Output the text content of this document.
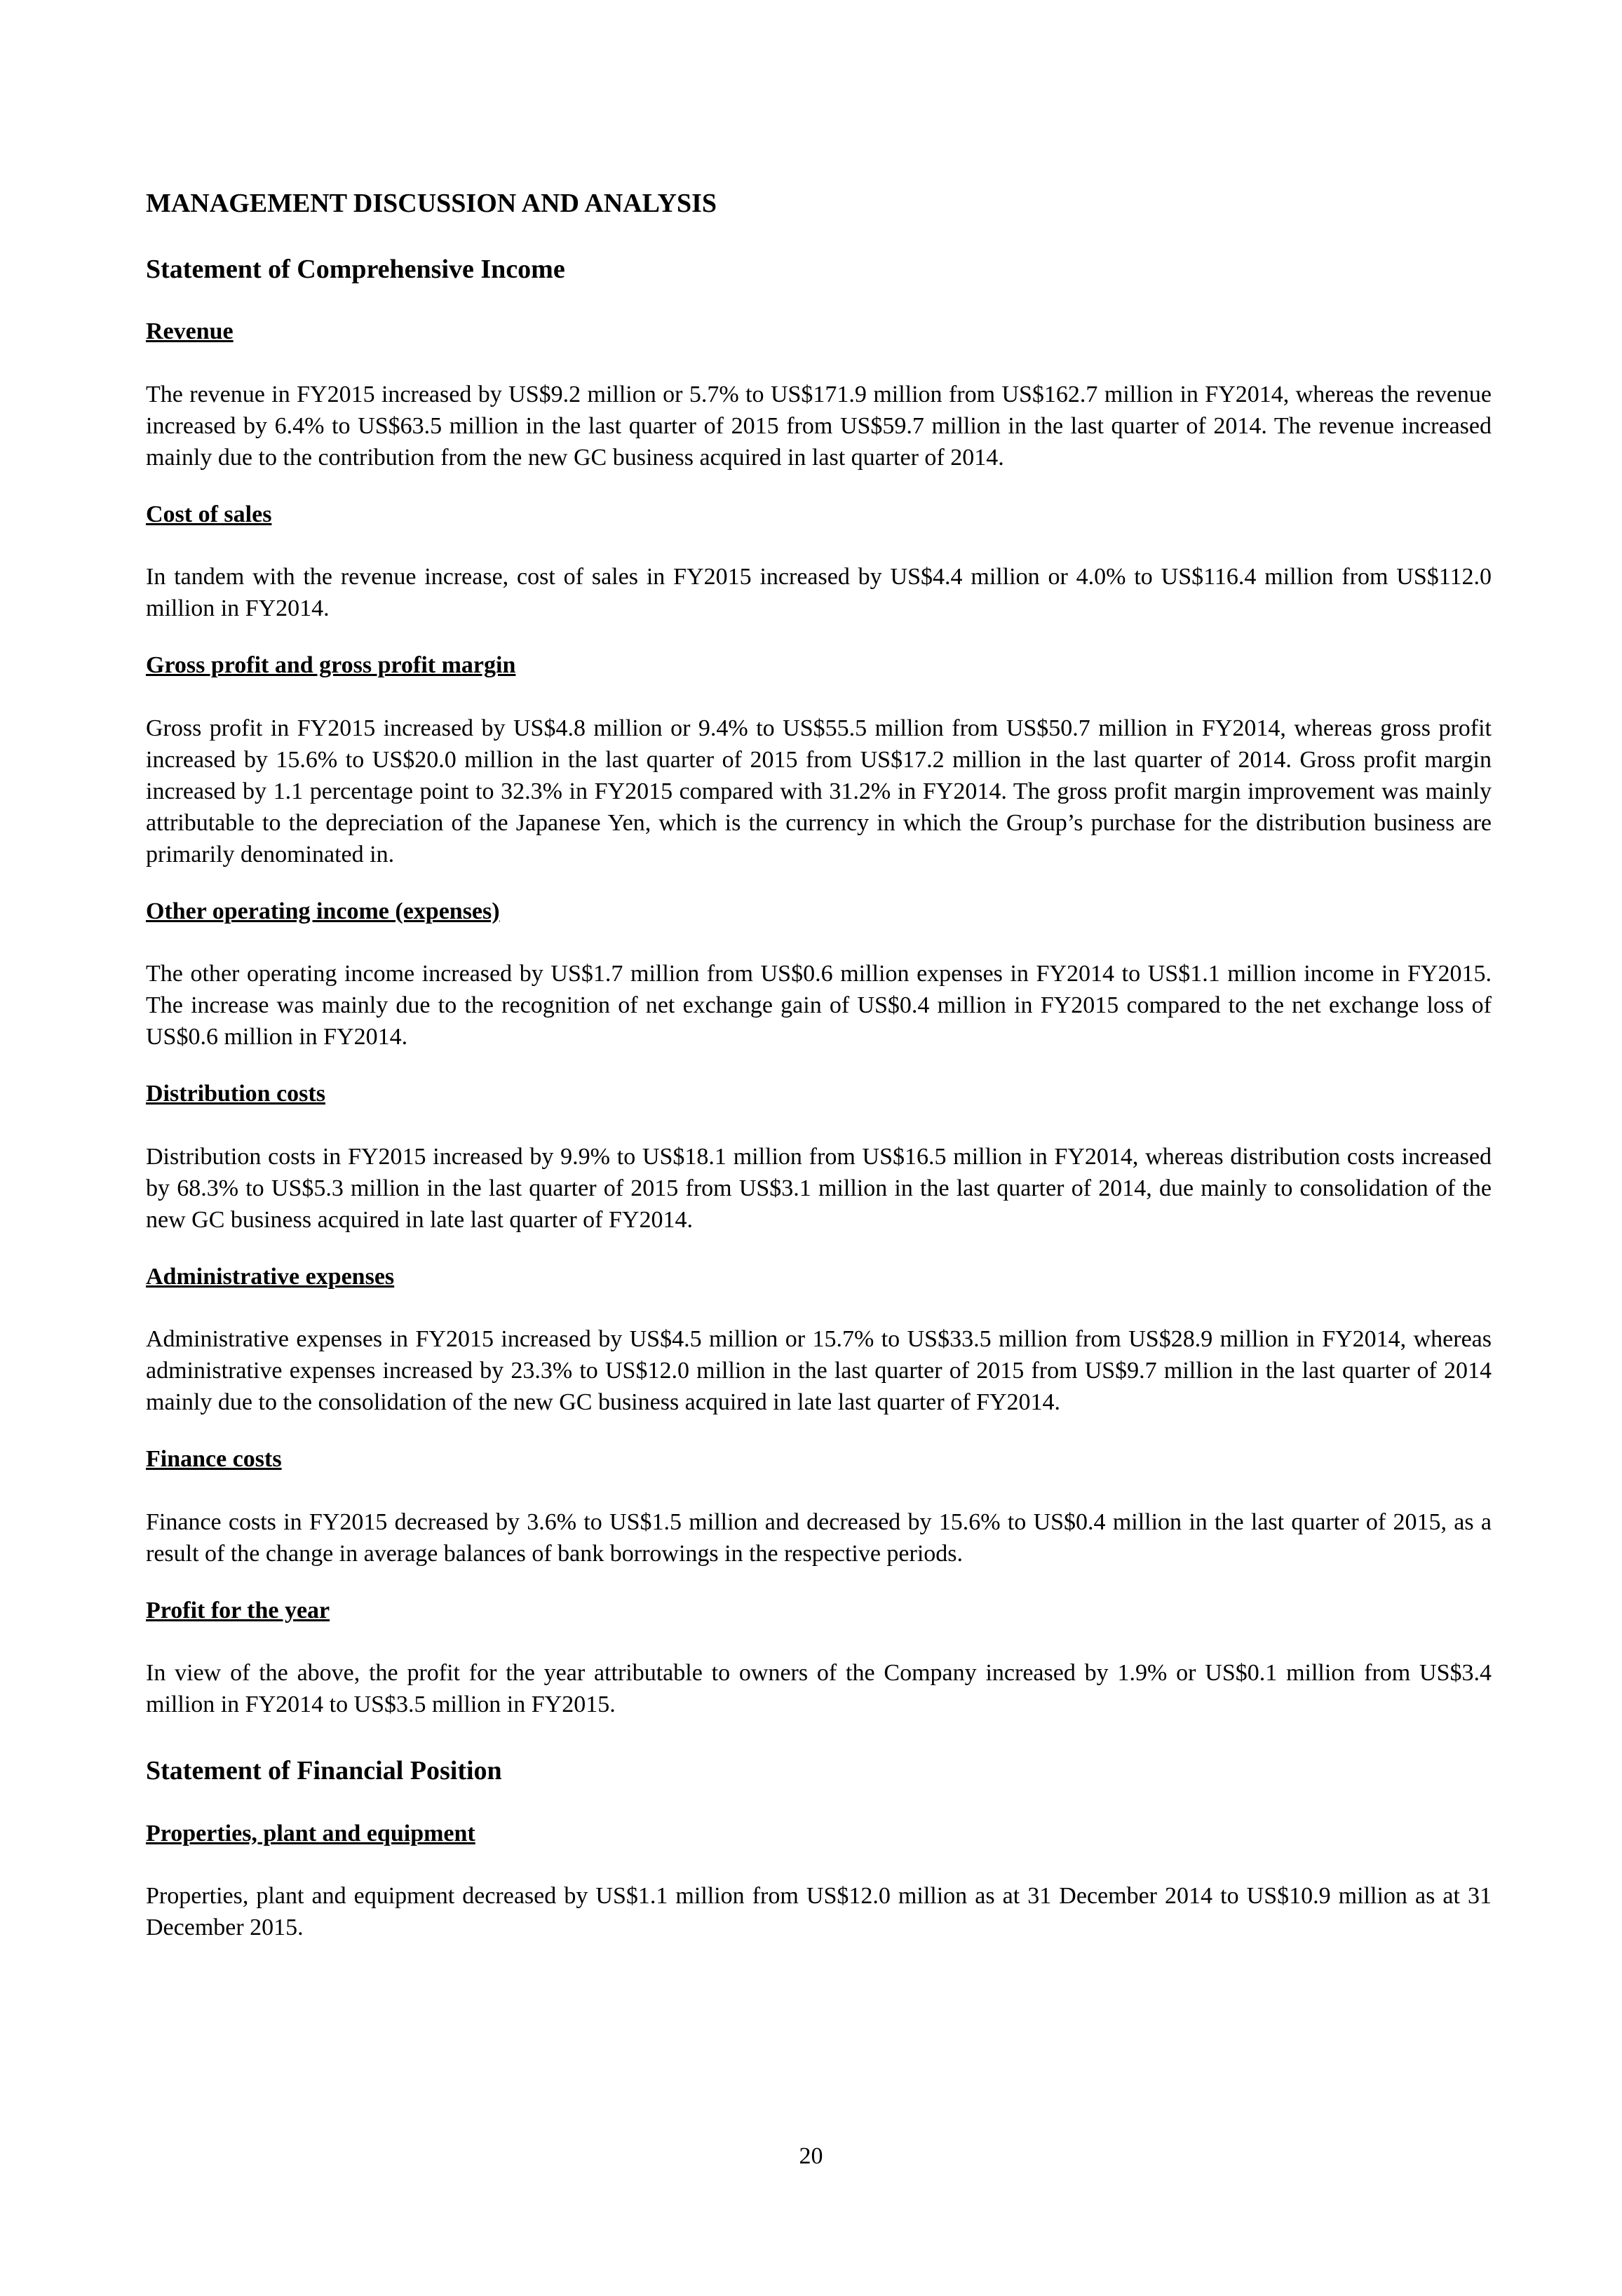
MANAGEMENT DISCUSSION AND ANALYSIS
Statement of Comprehensive Income
Revenue

The revenue in FY2015 increased by US$9.2 million or 5.7% to US$171.9 million from US$162.7 million in FY2014, whereas the revenue increased by 6.4% to US$63.5 million in the last quarter of 2015 from US$59.7 million in the last quarter of 2014. The revenue increased mainly due to the contribution from the new GC business acquired in last quarter of 2014.

Cost of sales

In tandem with the revenue increase, cost of sales in FY2015 increased by US$4.4 million or 4.0% to US$116.4 million from US$112.0 million in FY2014.

Gross profit and gross profit margin

Gross profit in FY2015 increased by US$4.8 million or 9.4% to US$55.5 million from US$50.7 million in FY2014, whereas gross profit increased by 15.6% to US$20.0 million in the last quarter of 2015 from US$17.2 million in the last quarter of 2014. Gross profit margin increased by 1.1 percentage point to 32.3% in FY2015 compared with 31.2% in FY2014. The gross profit margin improvement was mainly attributable to the depreciation of the Japanese Yen, which is the currency in which the Group’s purchase for the distribution business are primarily denominated in.

Other operating income (expenses)

The other operating income increased by US$1.7 million from US$0.6 million expenses in FY2014 to US$1.1 million income in FY2015. The increase was mainly due to the recognition of net exchange gain of US$0.4 million in FY2015 compared to the net exchange loss of US$0.6 million in FY2014.

Distribution costs

Distribution costs in FY2015 increased by 9.9% to US$18.1 million from US$16.5 million in FY2014, whereas distribution costs increased by 68.3% to US$5.3 million in the last quarter of 2015 from US$3.1 million in the last quarter of 2014, due mainly to consolidation of the new GC business acquired in late last quarter of FY2014.

Administrative expenses

Administrative expenses in FY2015 increased by US$4.5 million or 15.7% to US$33.5 million from US$28.9 million in FY2014, whereas administrative expenses increased by 23.3% to US$12.0 million in the last quarter of 2015 from US$9.7 million in the last quarter of 2014 mainly due to the consolidation of the new GC business acquired in late last quarter of FY2014.

Finance costs

Finance costs in FY2015 decreased by 3.6% to US$1.5 million and decreased by 15.6% to US$0.4 million in the last quarter of 2015, as a result of the change in average balances of bank borrowings in the respective periods.

Profit for the year

In view of the above, the profit for the year attributable to owners of the Company increased by 1.9% or US$0.1 million from US$3.4 million in FY2014 to US$3.5 million in FY2015.

Statement of Financial Position
Properties, plant and equipment

Properties, plant and equipment decreased by US$1.1 million from US$12.0 million as at 31 December 2014 to US$10.9 million as at 31 December 2015.

20
